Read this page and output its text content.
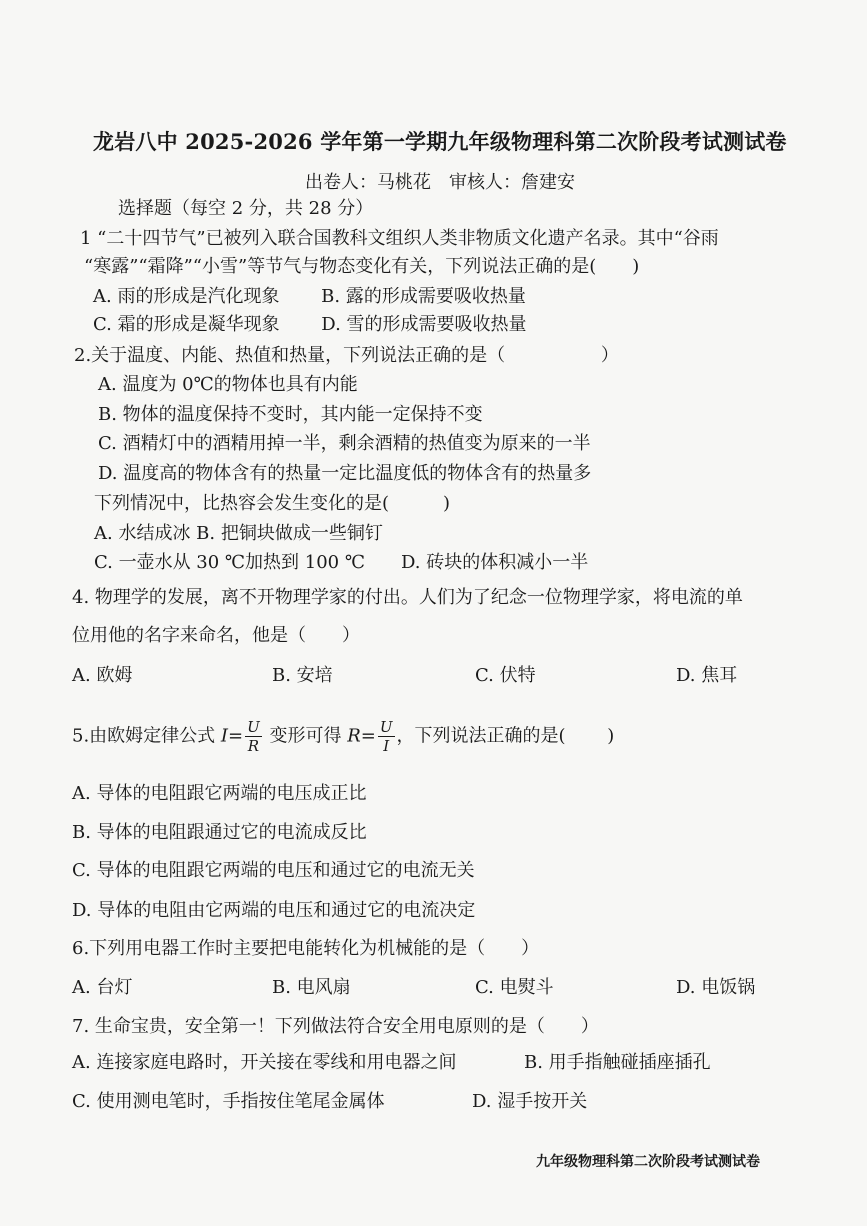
龙岩八中 2025-2026 学年第一学期九年级物理科第二次阶段考试测试卷
出卷人：马桃花　审核人：詹建安
选择题（每空 2 分，共 28 分）
1 “二十四节气”已被列入联合国教科文组织人类非物质文化遗产名录。其中“谷雨
“寒露”“霜降”“小雪”等节气与物态变化有关，下列说法正确的是(　　)
A. 雨的形成是汽化现象　　 B. 露的形成需要吸收热量
C. 霜的形成是凝华现象　　 D. 雪的形成需要吸收热量
2.关于温度、内能、热值和热量，下列说法正确的是（　　　　　 ）
A. 温度为 0℃的物体也具有内能
B. 物体的温度保持不变时，其内能一定保持不变
C. 酒精灯中的酒精用掉一半，剩余酒精的热值变为原来的一半
D. 温度高的物体含有的热量一定比温度低的物体含有的热量多
下列情况中，比热容会发生变化的是(　　　)
A. 水结成冰 B. 把铜块做成一些铜钉
C. 一壶水从 30 ℃加热到 100 ℃　　D. 砖块的体积减小一半
4. 物理学的发展，离不开物理学家的付出。人们为了纪念一位物理学家，将电流的单
位用他的名字来命名，他是（　　）
A. 欧姆	B. 安培	C. 伏特	D. 焦耳
5.由欧姆定律公式 $I= \frac{U}{R}$ 变形可得 $R= \frac{U}{I}$ ，下列说法正确的是(　　 )
A. 导体的电阻跟它两端的电压成正比
B. 导体的电阻跟通过它的电流成反比
C. 导体的电阻跟它两端的电压和通过它的电流无关
D. 导体的电阻由它两端的电压和通过它的电流决定
6.下列用电器工作时主要把电能转化为机械能的是（　　）
A. 台灯	B. 电风扇	C. 电熨斗	D. 电饭锅
7. 生命宝贵，安全第一！下列做法符合安全用电原则的是（　　）
A. 连接家庭电路时，开关接在零线和用电器之间	B. 用手指触碰插座插孔
C. 使用测电笔时，手指按住笔尾金属体	D. 湿手按开关
九年级物理科第二次阶段考试测试卷
